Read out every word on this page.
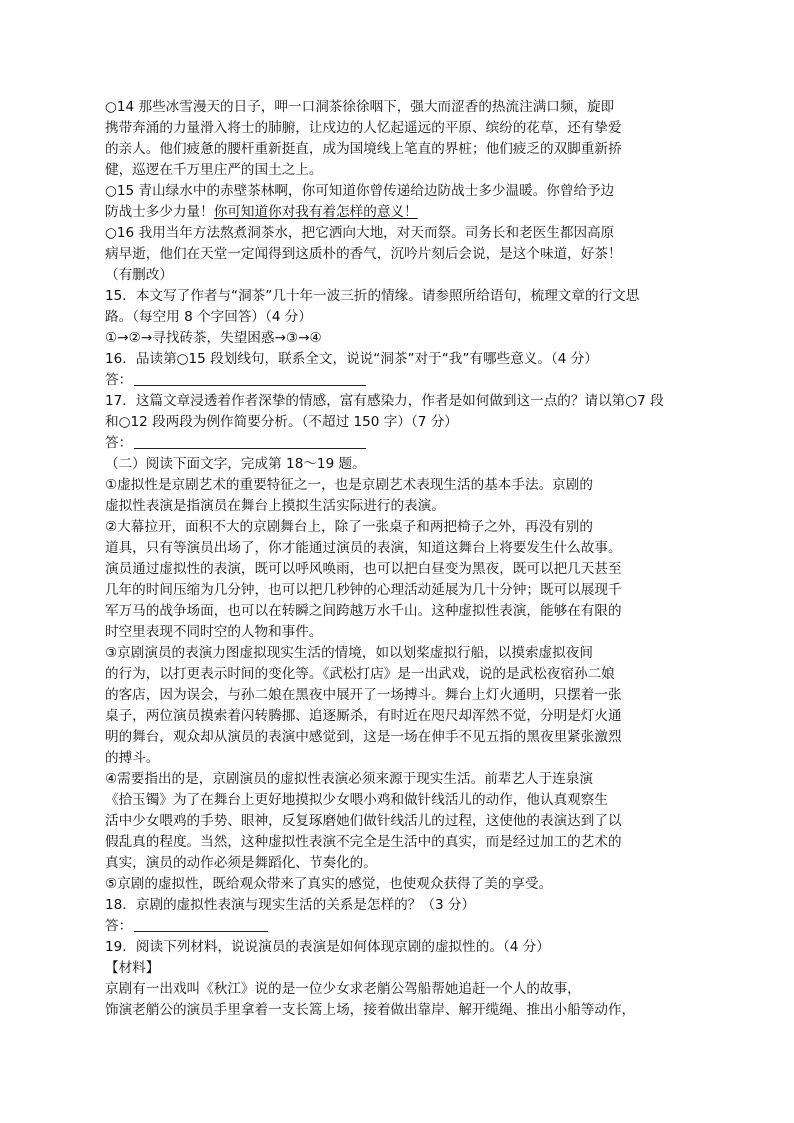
○14 那些冰雪漫天的日子，呷一口洞茶徐徐咽下，强大而涩香的热流注满口频，旋即
携带奔涌的力量滑入将士的肺腑，让戍边的人忆起遥远的平原、缤纷的花草，还有挚爱
的亲人。他们疲惫的腰杆重新挺直，成为国境线上笔直的界桩；他们疲乏的双脚重新挢
健，巡逻在千万里庄严的国土之上。
○15 青山绿水中的赤壁茶林啊，你可知道你曾传递给边防战士多少温暖。你曾给予边
防战士多少力量！你可知道你对我有着怎样的意义！
○16 我用当年方法熬煮洞茶水，把它洒向大地，对天而祭。司务长和老医生都因高原
病早逝，他们在天堂一定闻得到这质朴的香气，沉吟片刻后会说，是这个味道，好茶！
（有删改）
15．本文写了作者与“洞茶”几十年一波三折的情缘。请参照所给语句，梳理文章的行文思
路。（每空用 8 个字回答）（4 分）
①→②→寻找砖茶，失望困惑→③→④
16．品读第○15 段划线句，联系全文，说说“洞茶”对于“我”有哪些意义。（4 分）
答：
17．这篇文章浸透着作者深挚的情感，富有感染力，作者是如何做到这一点的？请以第○7 段
和○12 段两段为例作简要分析。（不超过 150 字）（7 分）
答：
（二）阅读下面文字，完成第 18～19 题。
①虚拟性是京剧艺术的重要特征之一，也是京剧艺术表现生活的基本手法。京剧的
虚拟性表演是指演员在舞台上摸拟生活实际进行的表演。
②大幕拉开，面积不大的京剧舞台上，除了一张桌子和两把椅子之外，再没有别的
道具，只有等演员出场了，你才能通过演员的表演，知道这舞台上将要发生什么故事。
演员通过虚拟性的表演，既可以呼风唤雨，也可以把白昼变为黑夜，既可以把几天甚至
几年的时间压缩为几分钟，也可以把几秒钟的心理活动延展为几十分钟；既可以展现千
军万马的战争场面，也可以在转瞬之间跨越万水千山。这种虚拟性表演，能够在有限的
时空里表现不同时空的人物和事件。
③京剧演员的表演力图虚拟现实生活的情境，如以划桨虚拟行船，以摸索虚拟夜间
的行为，以打更表示时间的变化等。《武松打店》是一出武戏，说的是武松夜宿孙二娘
的客店，因为误会，与孙二娘在黑夜中展开了一场搏斗。舞台上灯火通明，只摆着一张
桌子，两位演员摸索着闪转腾挪、追逐厮杀，有时近在咫尺却浑然不觉，分明是灯火通
明的舞台，观众却从演员的表演中感觉到，这是一场在伸手不见五指的黑夜里紧张激烈
的搏斗。
④需要指出的是，京剧演员的虚拟性表演必须来源于现实生活。前辈艺人于连泉演
《拾玉镯》为了在舞台上更好地摸拟少女喂小鸡和做针线活儿的动作，他认真观察生
活中少女喂鸡的手势、眼神，反复琢磨她们做针线活儿的过程，这使他的表演达到了以
假乱真的程度。当然，这种虚拟性表演不完全是生活中的真实，而是经过加工的艺术的
真实，演员的动作必须是舞蹈化、节奏化的。
⑤京剧的虚拟性，既给观众带来了真实的感觉，也使观众获得了美的享受。
18．京剧的虚拟性表演与现实生活的关系是怎样的？（3 分）
答：
19．阅读下列材料，说说演员的表演是如何体现京剧的虚拟性的。（4 分）
【材料】
京剧有一出戏叫《秋江》说的是一位少女求老艄公驾船帮她追赶一个人的故事，
饰演老艄公的演员手里拿着一支长篙上场，接着做出靠岸、解开缆绳、推出小船等动作，
